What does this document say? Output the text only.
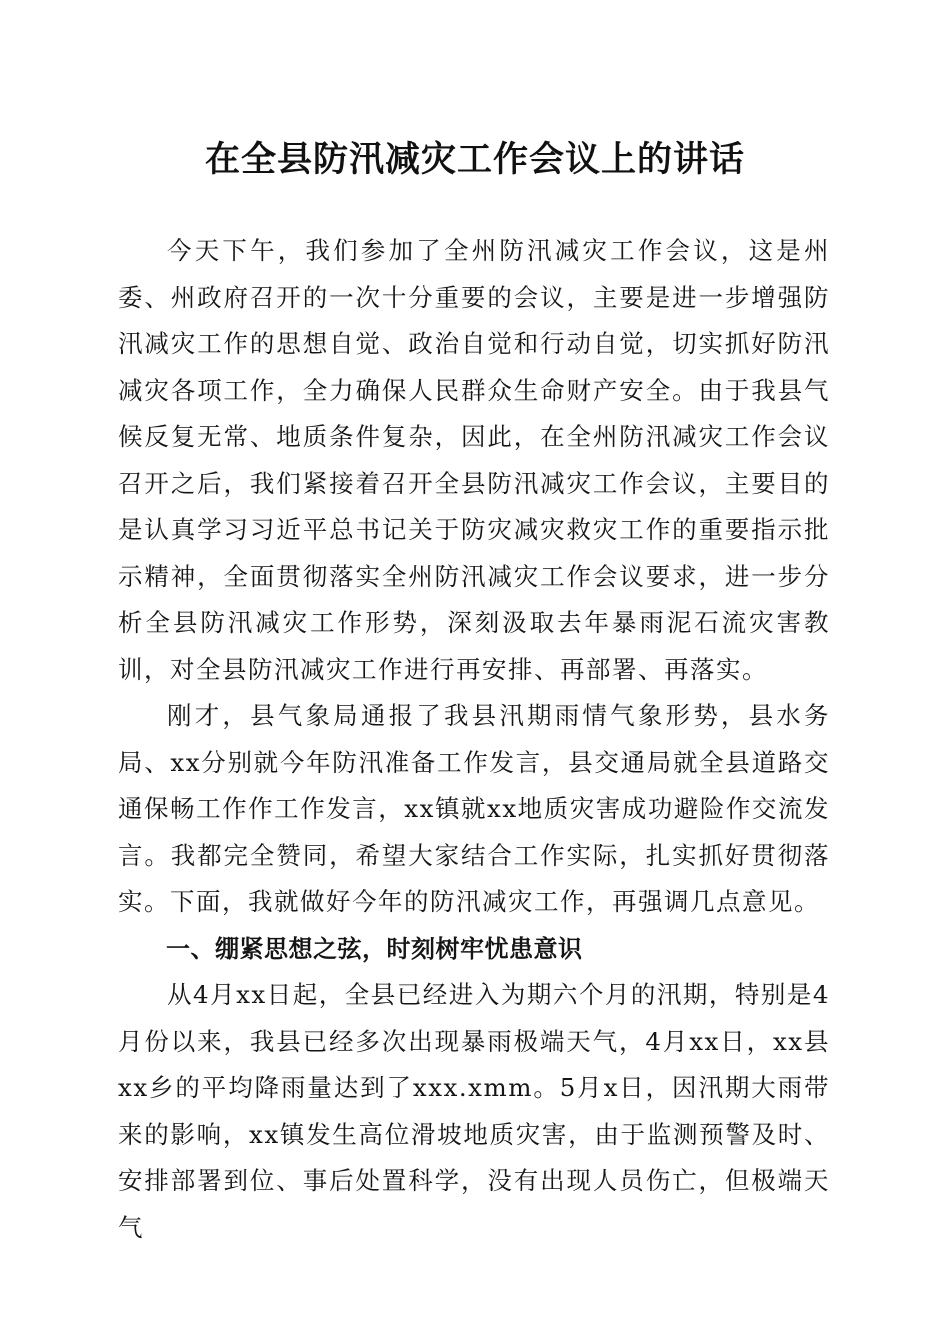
在全县防汛减灾工作会议上的讲话

今天下午，我们参加了全州防汛减灾工作会议，这是州委、州政府召开的一次十分重要的会议，主要是进一步增强防汛减灾工作的思想自觉、政治自觉和行动自觉，切实抓好防汛减灾各项工作，全力确保人民群众生命财产安全。由于我县气候反复无常、地质条件复杂，因此，在全州防汛减灾工作会议召开之后，我们紧接着召开全县防汛减灾工作会议，主要目的是认真学习习近平总书记关于防灾减灾救灾工作的重要指示批示精神，全面贯彻落实全州防汛减灾工作会议要求，进一步分析全县防汛减灾工作形势，深刻汲取去年暴雨泥石流灾害教训，对全县防汛减灾工作进行再安排、再部署、再落实。

刚才，县气象局通报了我县汛期雨情气象形势，县水务局、xx分别就今年防汛准备工作发言，县交通局就全县道路交通保畅工作作工作发言，xx镇就xx地质灾害成功避险作交流发言。我都完全赞同，希望大家结合工作实际，扎实抓好贯彻落实。下面，我就做好今年的防汛减灾工作，再强调几点意见。

一、绷紧思想之弦，时刻树牢忧患意识

从4月xx日起，全县已经进入为期六个月的汛期，特别是4月份以来，我县已经多次出现暴雨极端天气，4月xx日，xx县xx乡的平均降雨量达到了xxx.xmm。5月x日，因汛期大雨带来的影响，xx镇发生高位滑坡地质灾害，由于监测预警及时、安排部署到位、事后处置科学，没有出现人员伤亡，但极端天气
